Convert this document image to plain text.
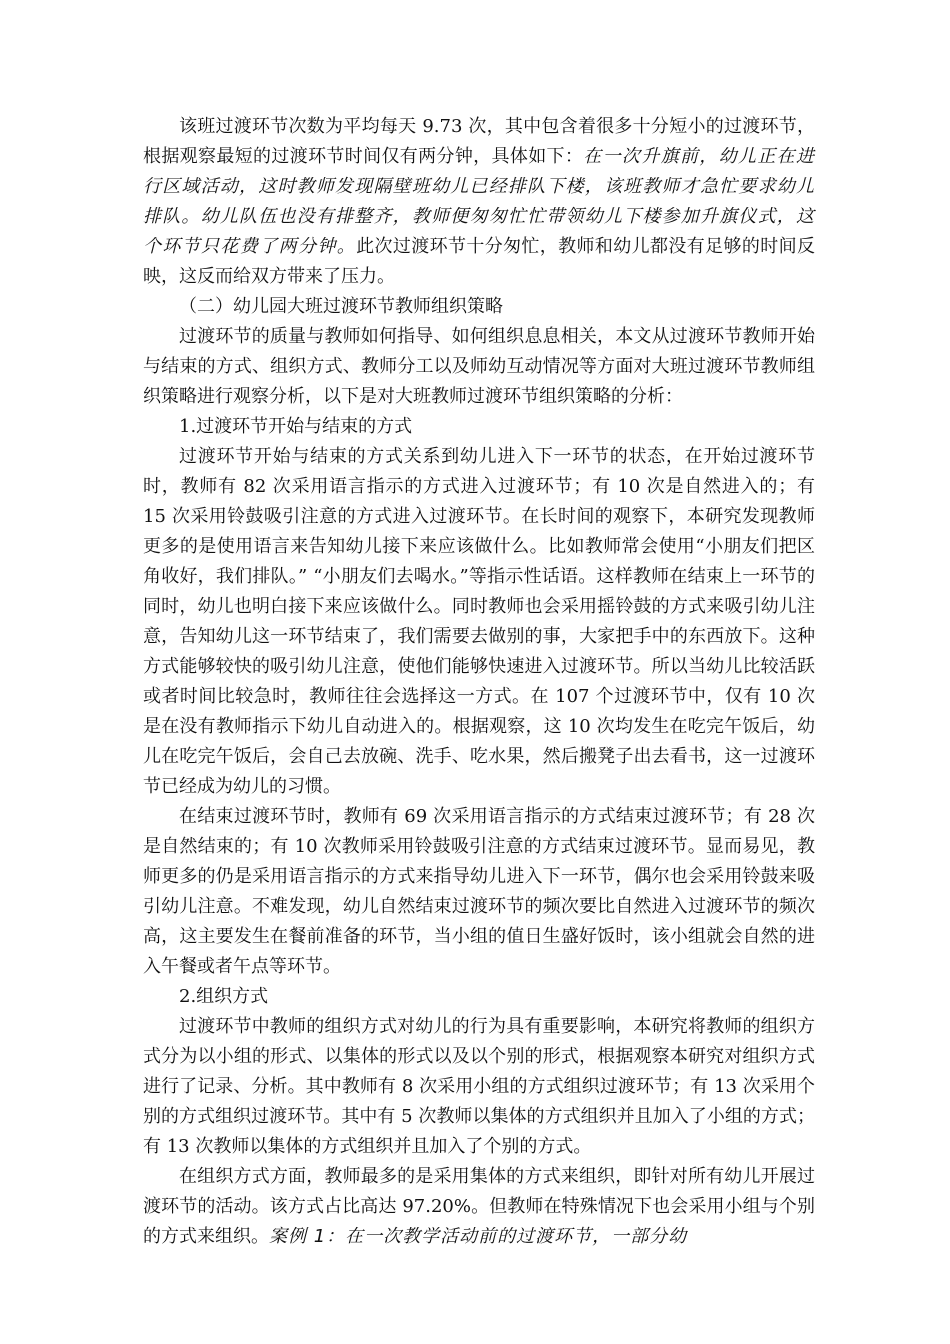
该班过渡环节次数为平均每天 9.73 次，其中包含着很多十分短小的过渡环节，根据观察最短的过渡环节时间仅有两分钟，具体如下：在一次升旗前，幼儿正在进行区域活动，这时教师发现隔壁班幼儿已经排队下楼，该班教师才急忙要求幼儿排队。幼儿队伍也没有排整齐，教师便匆匆忙忙带领幼儿下楼参加升旗仪式，这个环节只花费了两分钟。此次过渡环节十分匆忙，教师和幼儿都没有足够的时间反映，这反而给双方带来了压力。

（二）幼儿园大班过渡环节教师组织策略

过渡环节的质量与教师如何指导、如何组织息息相关，本文从过渡环节教师开始与结束的方式、组织方式、教师分工以及师幼互动情况等方面对大班过渡环节教师组织策略进行观察分析，以下是对大班教师过渡环节组织策略的分析：

1.过渡环节开始与结束的方式

过渡环节开始与结束的方式关系到幼儿进入下一环节的状态，在开始过渡环节时，教师有 82 次采用语言指示的方式进入过渡环节；有 10 次是自然进入的；有 15 次采用铃鼓吸引注意的方式进入过渡环节。在长时间的观察下，本研究发现教师更多的是使用语言来告知幼儿接下来应该做什么。比如教师常会使用“小朋友们把区角收好，我们排队。” “小朋友们去喝水。”等指示性话语。这样教师在结束上一环节的同时，幼儿也明白接下来应该做什么。同时教师也会采用摇铃鼓的方式来吸引幼儿注意，告知幼儿这一环节结束了，我们需要去做别的事，大家把手中的东西放下。这种方式能够较快的吸引幼儿注意，使他们能够快速进入过渡环节。所以当幼儿比较活跃或者时间比较急时，教师往往会选择这一方式。在 107 个过渡环节中，仅有 10 次是在没有教师指示下幼儿自动进入的。根据观察，这 10 次均发生在吃完午饭后，幼儿在吃完午饭后，会自己去放碗、洗手、吃水果，然后搬凳子出去看书，这一过渡环节已经成为幼儿的习惯。

在结束过渡环节时，教师有 69 次采用语言指示的方式结束过渡环节；有 28 次是自然结束的；有 10 次教师采用铃鼓吸引注意的方式结束过渡环节。显而易见，教师更多的仍是采用语言指示的方式来指导幼儿进入下一环节，偶尔也会采用铃鼓来吸引幼儿注意。不难发现，幼儿自然结束过渡环节的频次要比自然进入过渡环节的频次高，这主要发生在餐前准备的环节，当小组的值日生盛好饭时，该小组就会自然的进入午餐或者午点等环节。

2.组织方式

过渡环节中教师的组织方式对幼儿的行为具有重要影响，本研究将教师的组织方式分为以小组的形式、以集体的形式以及以个别的形式，根据观察本研究对组织方式进行了记录、分析。其中教师有 8 次采用小组的方式组织过渡环节；有 13 次采用个别的方式组织过渡环节。其中有 5 次教师以集体的方式组织并且加入了小组的方式；有 13 次教师以集体的方式组织并且加入了个别的方式。

在组织方式方面，教师最多的是采用集体的方式来组织，即针对所有幼儿开展过渡环节的活动。该方式占比高达 97.20%。但教师在特殊情况下也会采用小组与个别的方式来组织。案例 1：在一次教学活动前的过渡环节，一部分幼
